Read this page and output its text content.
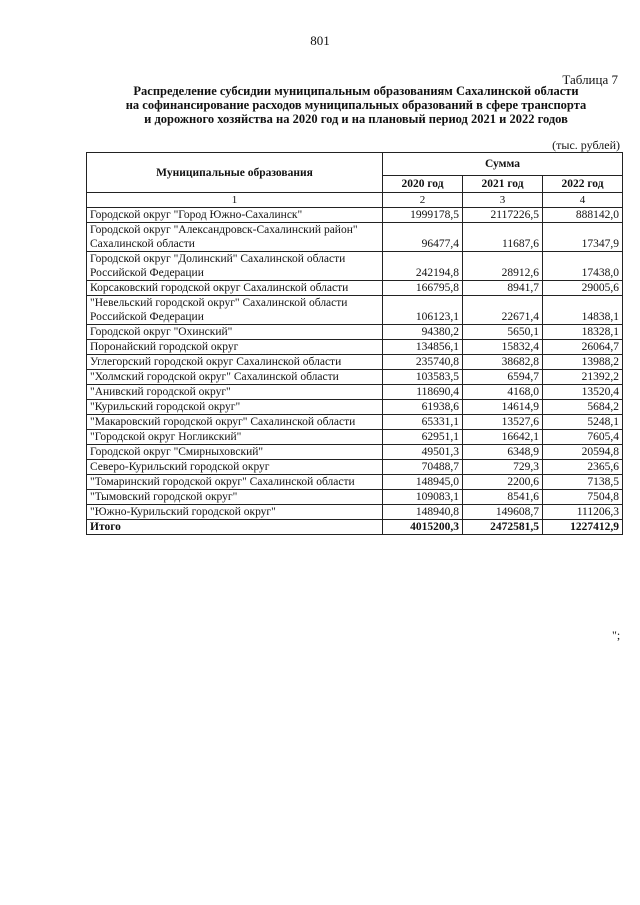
801
Таблица 7
Распределение субсидии муниципальным образованиям Сахалинской области
на софинансирование расходов муниципальных образований в сфере транспорта
и дорожного хозяйства на 2020 год и на плановый период 2021 и 2022 годов
(тыс. рублей)
Муниципальные образования	Сумма		
	2020 год	2021 год	2022 год
1	2	3	4
Городской округ "Город Южно-Сахалинск"	1999178,5	2117226,5	888142,0
Городской округ "Александровск-Сахалинский район" Сахалинской области	96477,4	11687,6	17347,9
Городской округ "Долинский" Сахалинской области Российской Федерации	242194,8	28912,6	17438,0
Корсаковский городской округ Сахалинской области	166795,8	8941,7	29005,6
"Невельский городской округ" Сахалинской области Российской Федерации	106123,1	22671,4	14838,1
Городской округ "Охинский"	94380,2	5650,1	18328,1
Поронайский городской округ	134856,1	15832,4	26064,7
Углегорский городской округ Сахалинской области	235740,8	38682,8	13988,2
"Холмский городской округ" Сахалинской области	103583,5	6594,7	21392,2
"Анивский городской округ"	118690,4	4168,0	13520,4
"Курильский городской округ"	61938,6	14614,9	5684,2
"Макаровский городской округ" Сахалинской области	65331,1	13527,6	5248,1
"Городской округ Ногликский"	62951,1	16642,1	7605,4
Городской округ "Смирныховский"	49501,3	6348,9	20594,8
Северо-Курильский городской округ	70488,7	729,3	2365,6
"Томаринский городской округ" Сахалинской области	148945,0	2200,6	7138,5
"Тымовский городской округ"	109083,1	8541,6	7504,8
"Южно-Курильский городской округ"	148940,8	149608,7	111206,3
Итого	4015200,3	2472581,5	1227412,9
";
